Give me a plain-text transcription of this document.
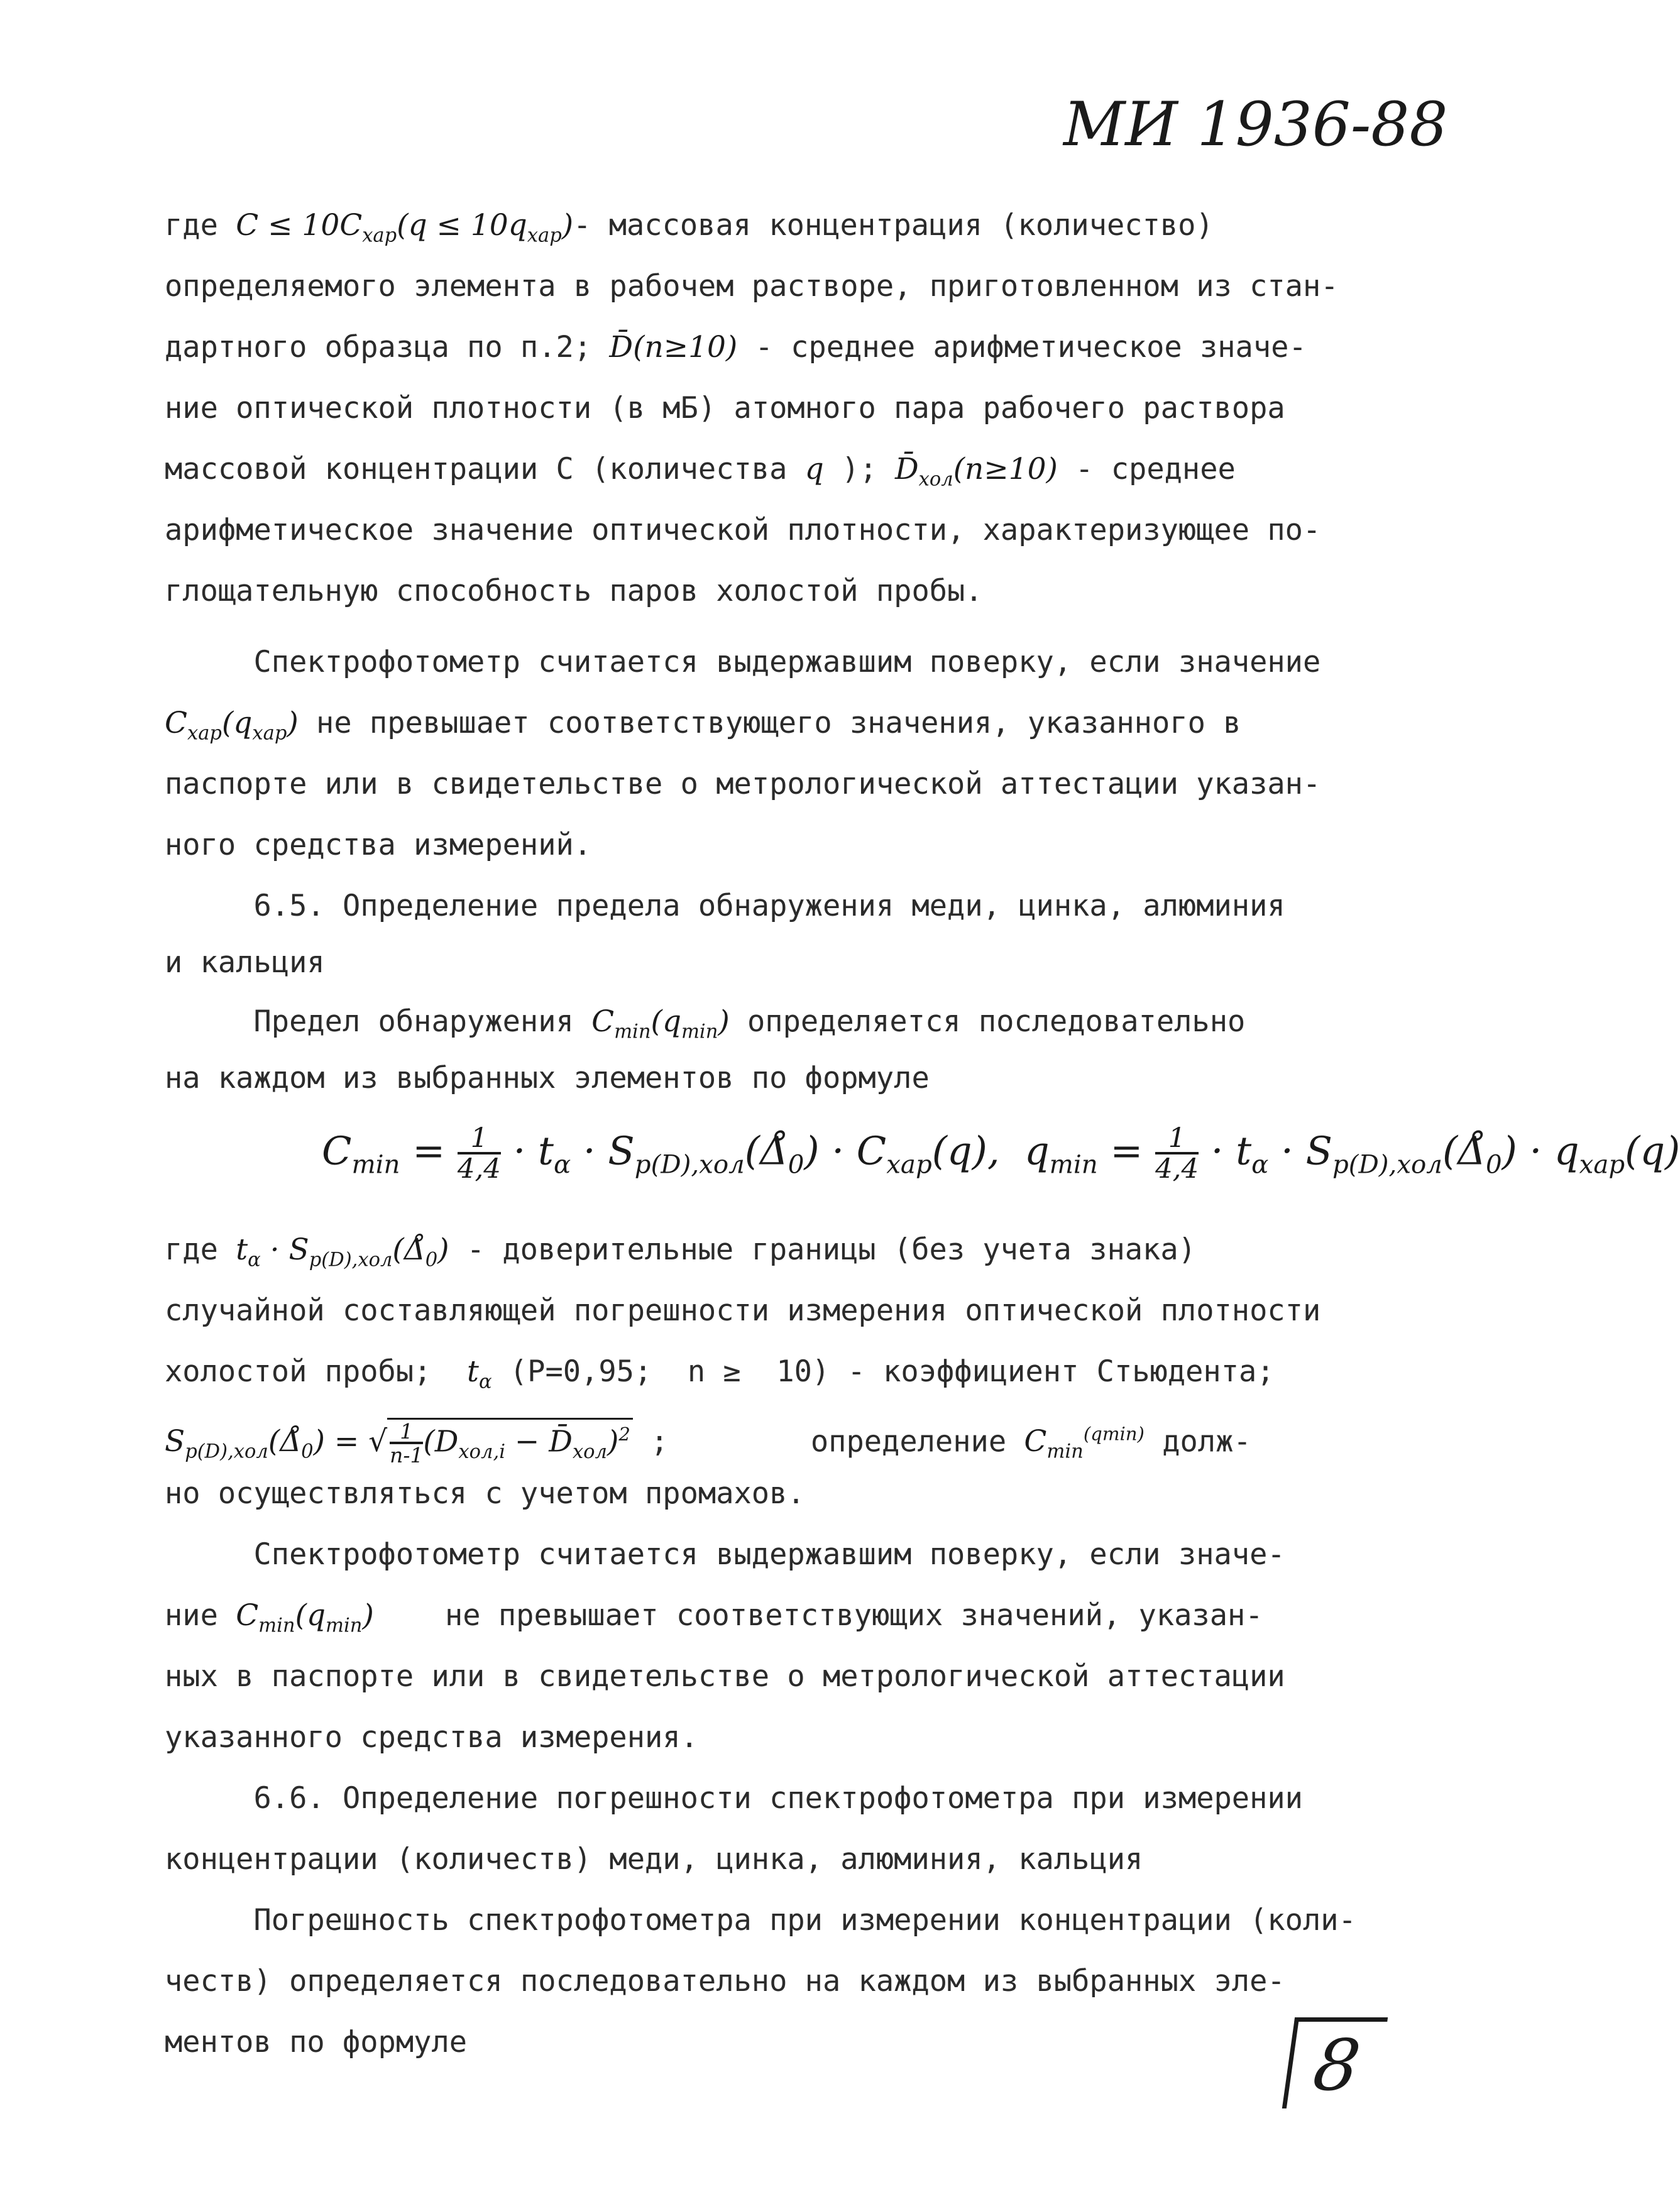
МИ 1936-88
где $C \le 10C_{хар}(q \le 10q_{хар})-$ массовая концентрация (количество)
определяемого элемента в рабочем растворе, приготовленном из стан-
дартного образца по п.2; D̄(n≥10) - среднее арифметическое значе-
ние оптической плотности (в мБ) атомного пара рабочего раствора
массовой концентрации С (количества q ); $D̄_{хол}(n\ge 10)$ - среднее
арифметическое значение оптической плотности, характеризующее по-
глощательную способность паров холостой пробы.
Спектрофотометр считается выдержавшим поверку, если значение
$C_{хар}(q_{хар})$ не превышает соответствующего значения, указанного в
паспорте или в свидетельстве о метрологической аттестации указан-
ного средства измерений.
6.5. Определение предела обнаружения меди, цинка, алюминия
и кальция
Предел обнаружения $C_{min}(q_{min})$ определяется последовательно
на каждом из выбранных элементов по формуле
$C_{min} = \frac{1}{4,4} \cdot t_\alpha$ · $S_{p(D),хол}(\Deltå_0) \cdot C_{хар}(q)$,  $q_{min} = \frac{1}{4,4} \cdot t_\alpha$ · $S_{p(D),хол}(\Deltå_0) \cdot q_{хар}(q)$
где $t_\alpha$ · $S_{p(D),хол}(\Deltå_0)$ - доверительные границы (без учета знака)
случайной составляющей погрешности измерения оптической плотности
холостой пробы;  $t_\alpha$ (P=0,95;  n ≥  10) - коэффициент Стьюдента;
$S_{p(D),хол}(\Deltå_0)$ = √ $\frac{1}{n-1} (D_{хол,i}$ − $D̄_{хол})^2$ ;        определение $C_{min}^{(qmin)}$ долж-
но осуществляться с учетом промахов.
Спектрофотометр считается выдержавшим поверку, если значе-
ние $C_{min}(q_{min})$    не превышает соответствующих значений, указан-
ных в паспорте или в свидетельстве о метрологической аттестации
указанного средства измерения.
6.6. Определение погрешности спектрофотометра при измерении
концентрации (количеств) меди, цинка, алюминия, кальция
Погрешность спектрофотометра при измерении концентрации (коли-
честв) определяется последовательно на каждом из выбранных эле-
ментов по формуле	8
